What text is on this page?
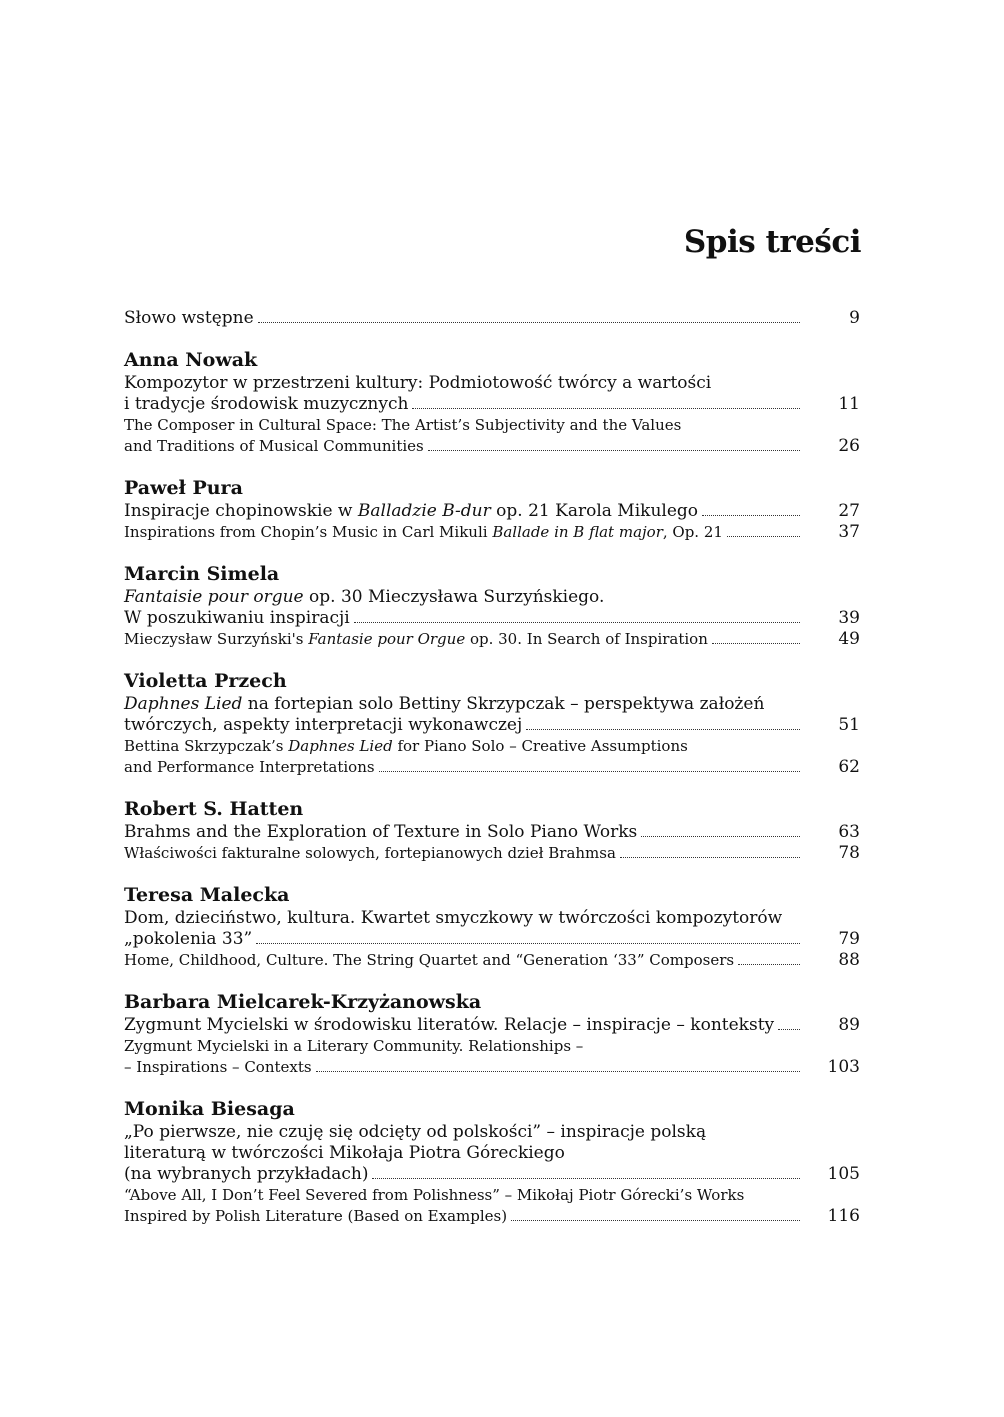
Spis treści
Słowo wstępne	9
Anna Nowak
Kompozytor w przestrzeni kultury: Podmiotowość twórcy a wartości
i tradycje środowisk muzycznych	11
The Composer in Cultural Space: The Artist’s Subjectivity and the Values
and Traditions of Musical Communities	26
Paweł Pura
Inspiracje chopinowskie w Balladzie B-dur op. 21 Karola Mikulego	27
Inspirations from Chopin’s Music in Carl Mikuli Ballade in B flat major, Op. 21	37
Marcin Simela
Fantaisie pour orgue op. 30 Mieczysława Surzyńskiego.
W poszukiwaniu inspiracji	39
Mieczysław Surzyński's Fantasie pour Orgue op. 30. In Search of Inspiration	49
Violetta Przech
Daphnes Lied na fortepian solo Bettiny Skrzypczak – perspektywa założeń
twórczych, aspekty interpretacji wykonawczej	51
Bettina Skrzypczak’s Daphnes Lied for Piano Solo – Creative Assumptions
and Performance Interpretations	62
Robert S. Hatten
Brahms and the Exploration of Texture in Solo Piano Works	63
Właściwości fakturalne solowych, fortepianowych dzieł Brahmsa	78
Teresa Malecka
Dom, dzieciństwo, kultura. Kwartet smyczkowy w twórczości kompozytorów
„pokolenia 33”	79
Home, Childhood, Culture. The String Quartet and “Generation ‘33” Composers	88
Barbara Mielcarek-Krzyżanowska
Zygmunt Mycielski w środowisku literatów. Relacje – inspiracje – konteksty	89
Zygmunt Mycielski in a Literary Community. Relationships –
– Inspirations – Contexts	103
Monika Biesaga
„Po pierwsze, nie czuję się odcięty od polskości” – inspiracje polską
literaturą w twórczości Mikołaja Piotra Góreckiego
(na wybranych przykładach)	105
“Above All, I Don’t Feel Severed from Polishness” – Mikołaj Piotr Górecki’s Works
Inspired by Polish Literature (Based on Examples)	116
